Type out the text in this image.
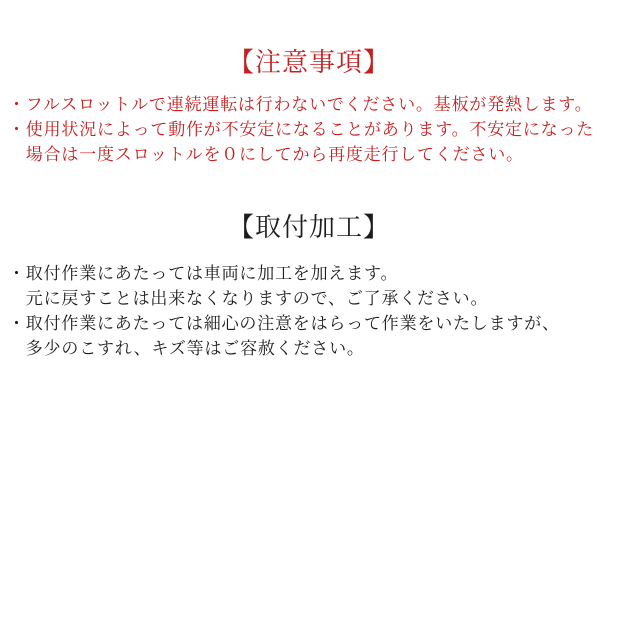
【注意事項】
・フルスロットルで連続運転は行わないでください。基板が発熱します。
・使用状況によって動作が不安定になることがあります。不安定になった
　場合は一度スロットルを０にしてから再度走行してください。
【取付加工】
・取付作業にあたっては車両に加工を加えます。
　元に戻すことは出来なくなりますので、ご了承ください。
・取付作業にあたっては細心の注意をはらって作業をいたしますが、
　多少のこすれ、キズ等はご容赦ください。
